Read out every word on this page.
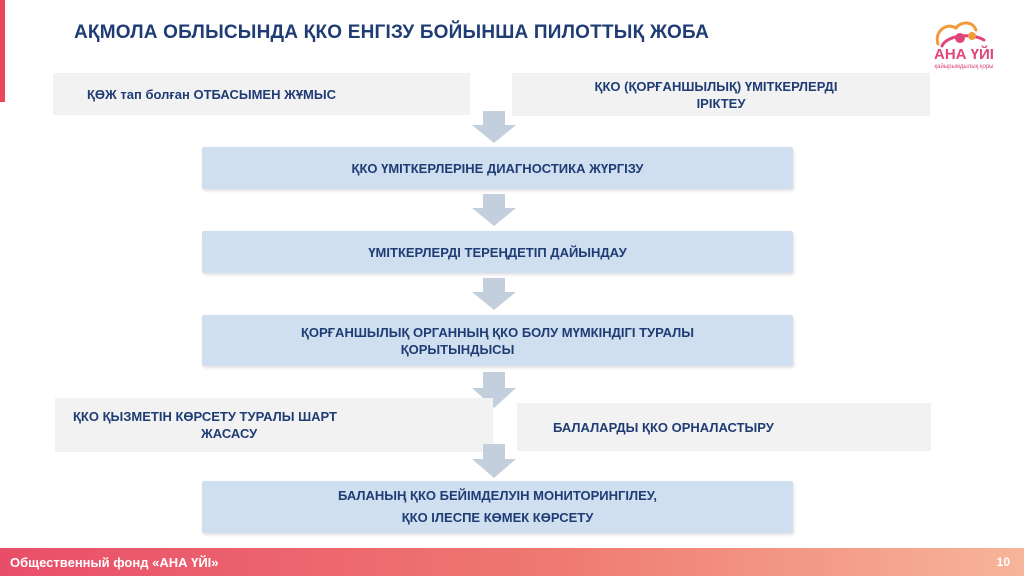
АҚМОЛА ОБЛЫСЫНДА ҚКО ЕНГІЗУ БОЙЫНША ПИЛОТТЫҚ ЖОБА
АНА ҮЙІ
қайырымдылық қоры
ҚӨЖ тап болған ОТБАСЫМЕН ЖҰМЫС
ҚКО (ҚОРҒАНШЫЛЫҚ) ҮМІТКЕРЛЕРДІ
ІРІКТЕУ
ҚКО ҮМІТКЕРЛЕРІНЕ ДИАГНОСТИКА ЖҮРГІЗУ
ҮМІТКЕРЛЕРДІ ТЕРЕҢДЕТІП ДАЙЫНДАУ
ҚОРҒАНШЫЛЫҚ ОРГАННЫҢ ҚКО БОЛУ МҮМКІНДІГІ ТУРАЛЫ
ҚОРЫТЫНДЫСЫ
ҚКО ҚЫЗМЕТІН КӨРСЕТУ ТУРАЛЫ ШАРТ
ЖАСАСУ	БАЛАЛАРДЫ ҚКО ОРНАЛАСТЫРУ
БАЛАНЫҢ ҚКО БЕЙІМДЕЛУІН МОНИТОРИНГІЛЕУ,
ҚКО ІЛЕСПЕ КӨМЕК КӨРСЕТУ
Общественный фонд «АНА ҮЙІ»	10
